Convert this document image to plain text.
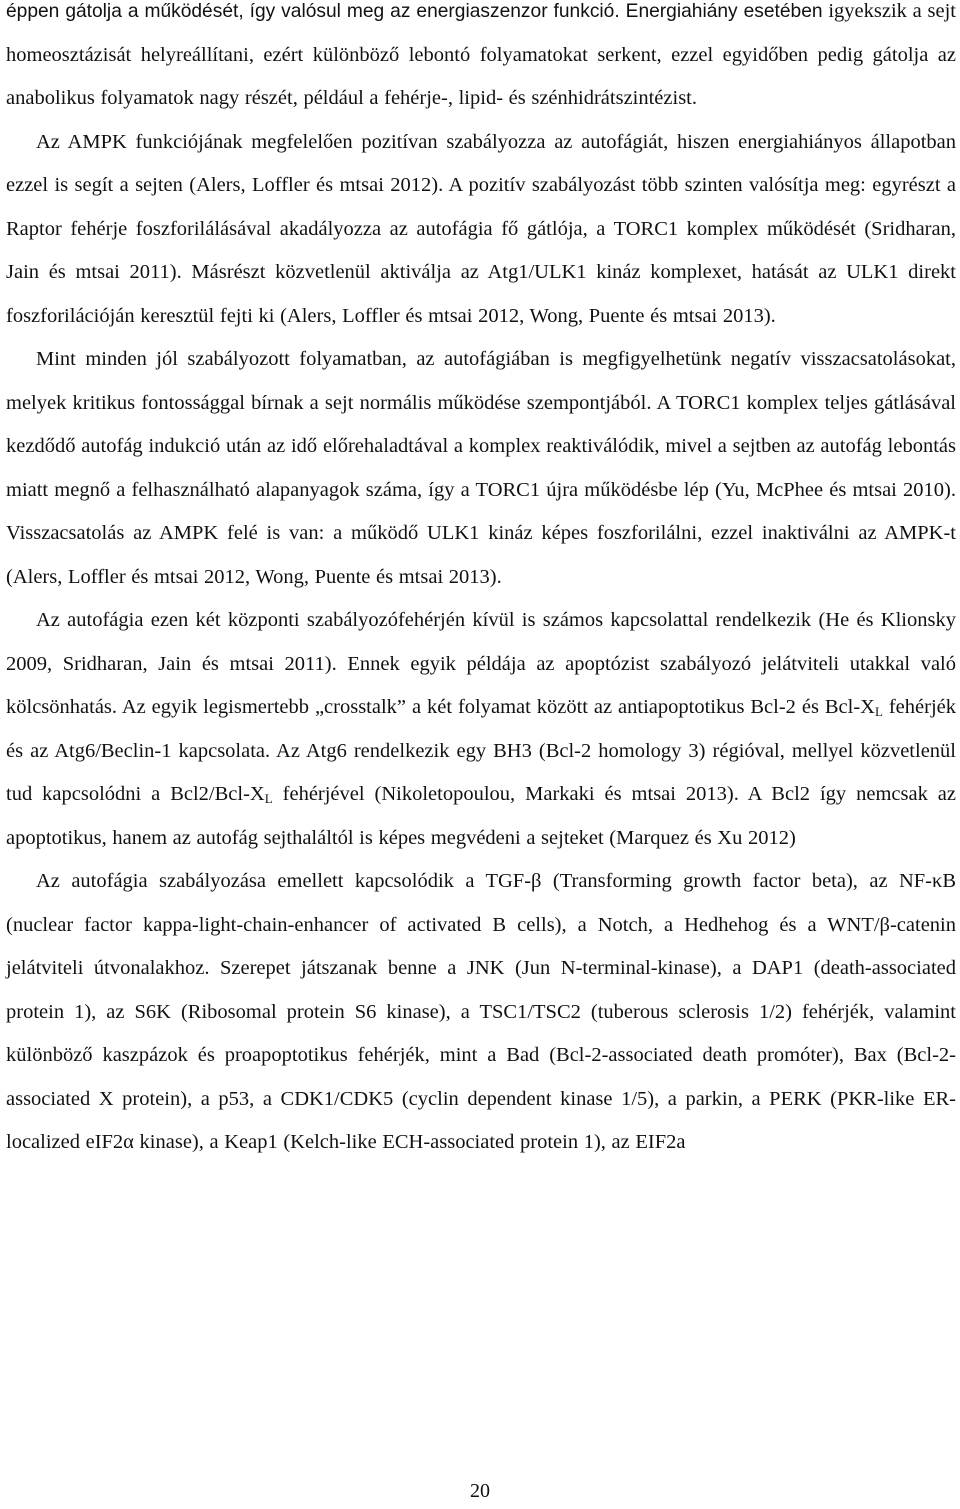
éppen gátolja a működését, így valósul meg az energiaszenzor funkció. Energiahiány esetében igyekszik a sejt homeosztázisát helyreállítani, ezért különböző lebontó folyamatokat serkent, ezzel egyidőben pedig gátolja az anabolikus folyamatok nagy részét, például a fehérje-, lipid- és szénhidrátszintézist.

Az AMPK funkciójának megfelelően pozitívan szabályozza az autofágiát, hiszen energiahiányos állapotban ezzel is segít a sejten (Alers, Loffler és mtsai 2012). A pozitív szabályozást több szinten valósítja meg: egyrészt a Raptor fehérje foszforilálásával akadályozza az autofágia fő gátlója, a TORC1 komplex működését (Sridharan, Jain és mtsai 2011). Másrészt közvetlenül aktiválja az Atg1/ULK1 kináz komplexet, hatását az ULK1 direkt foszforilációján keresztül fejti ki (Alers, Loffler és mtsai 2012, Wong, Puente és mtsai 2013).

Mint minden jól szabályozott folyamatban, az autofágiában is megfigyelhetünk negatív visszacsatolásokat, melyek kritikus fontossággal bírnak a sejt normális működése szempontjából. A TORC1 komplex teljes gátlásával kezdődő autofág indukció után az idő előrehaladtával a komplex reaktiválódik, mivel a sejtben az autofág lebontás miatt megnő a felhasználható alapanyagok száma, így a TORC1 újra működésbe lép (Yu, McPhee és mtsai 2010). Visszacsatolás az AMPK felé is van: a működő ULK1 kináz képes foszforilálni, ezzel inaktiválni az AMPK-t (Alers, Loffler és mtsai 2012, Wong, Puente és mtsai 2013).

Az autofágia ezen két központi szabályozófehérjén kívül is számos kapcsolattal rendelkezik (He és Klionsky 2009, Sridharan, Jain és mtsai 2011). Ennek egyik példája az apoptózist szabályozó jelátviteli utakkal való kölcsönhatás. Az egyik legismertebb „crosstalk” a két folyamat között az antiapoptotikus Bcl-2 és Bcl-$X_L$ fehérjék és az Atg6/Beclin-1 kapcsolata. Az Atg6 rendelkezik egy BH3 (Bcl-2 homology 3) régióval, mellyel közvetlenül tud kapcsolódni a $Bcl2/Bcl-X_L$ fehérjével (Nikoletopoulou, Markaki és mtsai 2013). A Bcl2 így nemcsak az apoptotikus, hanem az autofág sejthaláltól is képes megvédeni a sejteket (Marquez és Xu 2012)

Az autofágia szabályozása emellett kapcsolódik a TGF-β (Transforming growth factor beta), az NF-κB (nuclear factor kappa-light-chain-enhancer of activated B cells), a Notch, a Hedhehog és a WNT/β-catenin jelátviteli útvonalakhoz. Szerepet játszanak benne a JNK (Jun N-terminal-kinase), a DAP1 (death-associated protein 1), az S6K (Ribosomal protein S6 kinase), a TSC1/TSC2 (tuberous sclerosis 1/2) fehérjék, valamint különböző kaszpázok és proapoptotikus fehérjék, mint a Bad (Bcl-2-associated death promóter), Bax (Bcl-2-associated X protein), a p53, a CDK1/CDK5 (cyclin dependent kinase 1/5), a parkin, a PERK (PKR-like ER-localized eIF2α kinase), a Keap1 (Kelch-like ECH-associated protein 1), az EIF2a

20
